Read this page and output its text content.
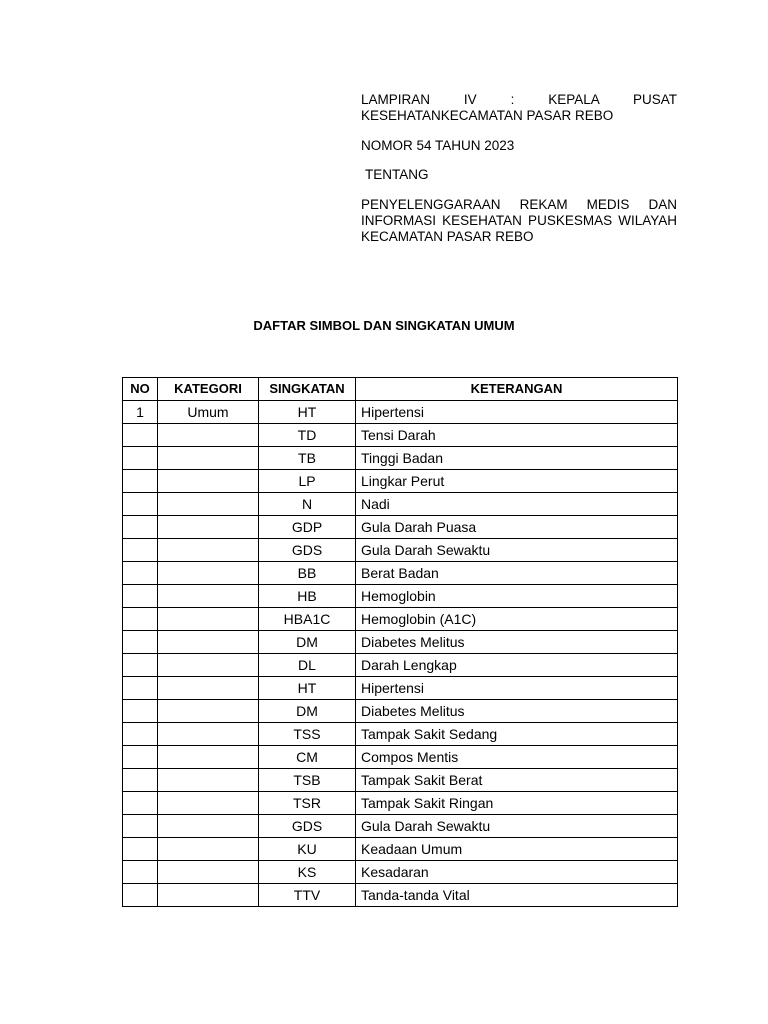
LAMPIRAN IV : KEPALA PUSAT KESEHATANKECAMATAN PASAR REBO

NOMOR 54 TAHUN 2023

TENTANG

PENYELENGGARAAN REKAM MEDIS DAN INFORMASI KESEHATAN PUSKESMAS WILAYAH KECAMATAN PASAR REBO

DAFTAR SIMBOL DAN SINGKATAN UMUM
NO	KATEGORI	SINGKATAN	KETERANGAN
1	Umum	HT	Hipertensi
		TD	Tensi Darah
		TB	Tinggi Badan
		LP	Lingkar Perut
		N	Nadi
		GDP	Gula Darah Puasa
		GDS	Gula Darah Sewaktu
		BB	Berat Badan
		HB	Hemoglobin
		HBA1C	Hemoglobin (A1C)
		DM	Diabetes Melitus
		DL	Darah Lengkap
		HT	Hipertensi
		DM	Diabetes Melitus
		TSS	Tampak Sakit Sedang
		CM	Compos Mentis
		TSB	Tampak Sakit Berat
		TSR	Tampak Sakit Ringan
		GDS	Gula Darah Sewaktu
		KU	Keadaan Umum
		KS	Kesadaran
		TTV	Tanda-tanda Vital
